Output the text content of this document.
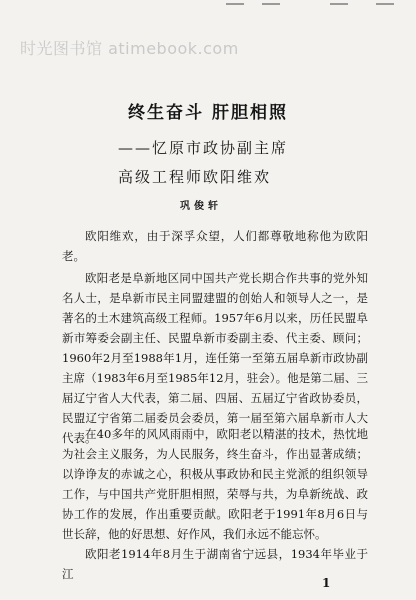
时光图书馆 atimebook.com
终生奋斗 肝胆相照
——忆原市政协副主席
高级工程师欧阳维欢
巩俊轩

欧阳维欢，由于深孚众望，人们都尊敬地称他为欧阳老。

欧阳老是阜新地区同中国共产党长期合作共事的党外知名人士，是阜新市民主同盟建盟的创始人和领导人之一，是著名的土木建筑高级工程师。1957年6月以来，历任民盟阜新市筹委会副主任、民盟阜新市委副主委、代主委、顾问；1960年2月至1988年1月，连任第一至第五届阜新市政协副主席（1983年6月至1985年12月，驻会）。他是第二届、三届辽宁省人大代表，第二届、四届、五届辽宁省政协委员，民盟辽宁省第二届委员会委员，第一届至第六届阜新市人大代表。

在40多年的风风雨雨中，欧阳老以精湛的技术，热忱地为社会主义服务，为人民服务，终生奋斗，作出显著成绩；以诤诤友的赤诚之心，积极从事政协和民主党派的组织领导工作，与中国共产党肝胆相照，荣辱与共，为阜新统战、政协工作的发展，作出重要贡献。欧阳老于1991年8月6日与世长辞，他的好思想、好作风，我们永远不能忘怀。

欧阳老1914年8月生于湖南省宁远县，1934年毕业于江

1
